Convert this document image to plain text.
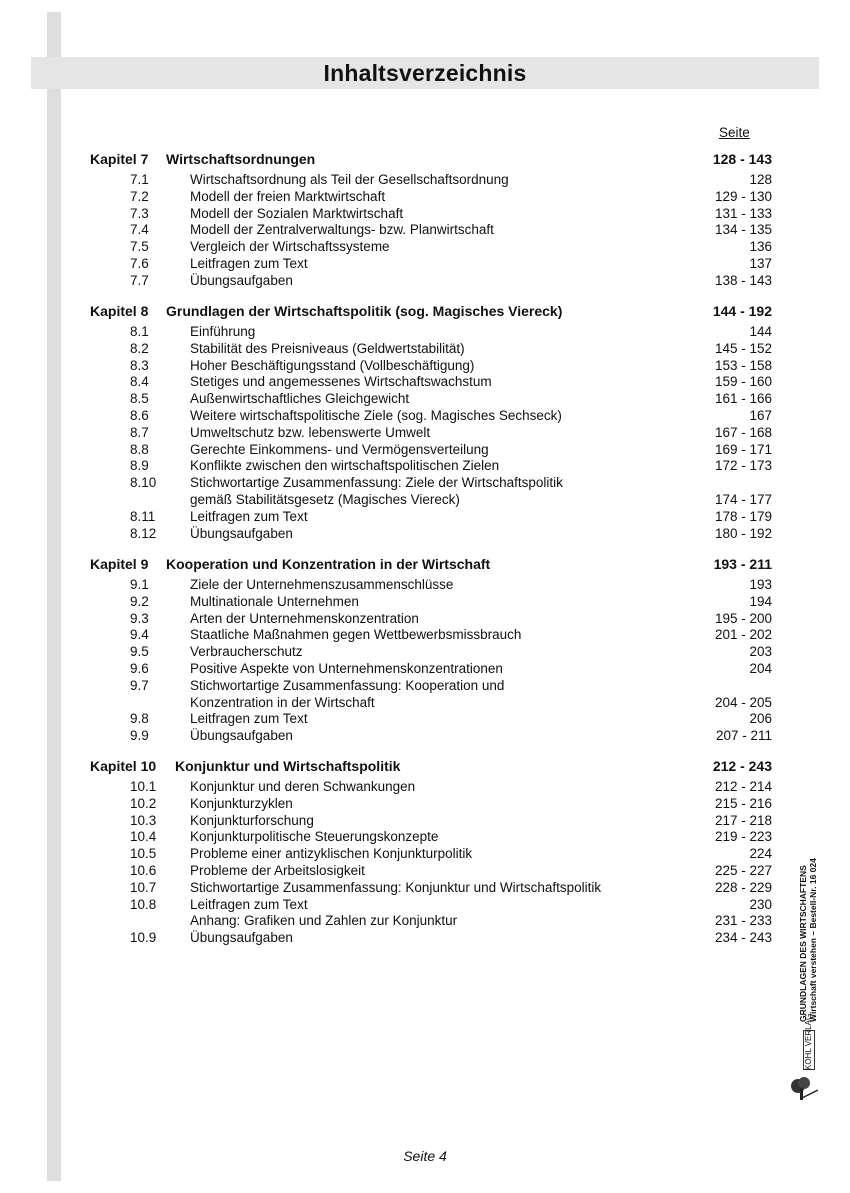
Inhaltsverzeichnis
Seite
Kapitel 7 Wirtschaftsordnungen	128 - 143
7.1	Wirtschaftsordnung als Teil der Gesellschaftsordnung	128
7.2	Modell der freien Marktwirtschaft	129 - 130
7.3	Modell der Sozialen Marktwirtschaft	131 - 133
7.4	Modell der Zentralverwaltungs- bzw. Planwirtschaft	134 - 135
7.5	Vergleich der Wirtschaftssysteme	136
7.6	Leitfragen zum Text	137
7.7	Übungsaufgaben	138 - 143
Kapitel 8 Grundlagen der Wirtschaftspolitik (sog. Magisches Viereck)	144 - 192
8.1	Einführung	144
8.2	Stabilität des Preisniveaus (Geldwertstabilität)	145 - 152
8.3	Hoher Beschäftigungsstand (Vollbeschäftigung)	153 - 158
8.4	Stetiges und angemessenes Wirtschaftswachstum	159 - 160
8.5	Außenwirtschaftliches Gleichgewicht	161 - 166
8.6	Weitere wirtschaftspolitische Ziele (sog. Magisches Sechseck)	167
8.7	Umweltschutz bzw. lebenswerte Umwelt	167 - 168
8.8	Gerechte Einkommens- und Vermögensverteilung	169 - 171
8.9	Konflikte zwischen den wirtschaftspolitischen Zielen	172 - 173
8.10 Stichwortartige Zusammenfassung: Ziele der Wirtschaftspolitik
gemäß Stabilitätsgesetz (Magisches Viereck)	174 - 177
8.11	Leitfragen zum Text	178 - 179
8.12 Übungsaufgaben	180 - 192
Kapitel 9 Kooperation und Konzentration in der Wirtschaft	193 - 211
9.1	Ziele der Unternehmenszusammenschlüsse	193
9.2	Multinationale Unternehmen	194
9.3	Arten der Unternehmenskonzentration	195 - 200
9.4	Staatliche Maßnahmen gegen Wettbewerbsmissbrauch	201 - 202
9.5	Verbraucherschutz	203
9.6	Positive Aspekte von Unternehmenskonzentrationen	204
9.7	Stichwortartige Zusammenfassung: Kooperation und
Konzentration in der Wirtschaft	204 - 205
9.8	Leitfragen zum Text	206
9.9	Übungsaufgaben	207 - 211
Kapitel 10 Konjunktur und Wirtschaftspolitik	212 - 243
10.1 Konjunktur und deren Schwankungen	212 - 214
10.2 Konjunkturzyklen	215 - 216
10.3 Konjunkturforschung	217 - 218
10.4 Konjunkturpolitische Steuerungskonzepte	219 - 223
10.5 Probleme einer antizyklischen Konjunkturpolitik	224
10.6 Probleme der Arbeitslosigkeit	225 - 227
10.7 Stichwortartige Zusammenfassung: Konjunktur und Wirtschaftspolitik	228 - 229
10.8 Leitfragen zum Text	230
Anhang: Grafiken und Zahlen zur Konjunktur	231 - 233
10.9 Übungsaufgaben	234 - 243
Seite 4
GRUNDLAGEN DES WIRTSCHAFTENS Wirtschaft verstehen – Bestell-Nr. 16 024
KOHL VERLAG
